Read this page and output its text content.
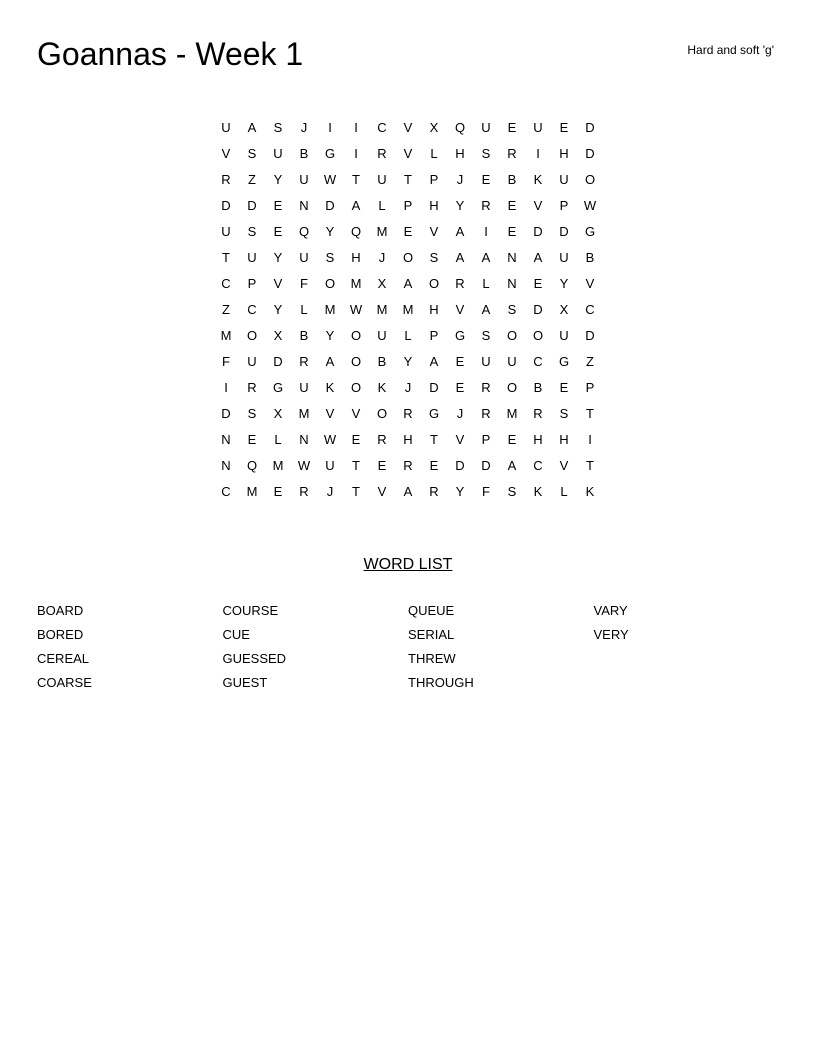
Goannas - Week 1	Hard and soft 'g'
U	A	S	J	I	I	C	V	X	Q	U	E	U	E	D
V	S	U	B	G	I	R	V	L	H	S	R	I	H	D
R	Z	Y	U	W	T	U	T	P	J	E	B	K	U	O
D	D	E	N	D	A	L	P	H	Y	R	E	V	P	W
U	S	E	Q	Y	Q	M	E	V	A	I	E	D	D	G
T	U	Y	U	S	H	J	O	S	A	A	N	A	U	B
C	P	V	F	O	M	X	A	O	R	L	N	E	Y	V
Z	C	Y	L	M	W	M	M	H	V	A	S	D	X	C
M	O	X	B	Y	O	U	L	P	G	S	O	O	U	D
F	U	D	R	A	O	B	Y	A	E	U	U	C	G	Z
I	R	G	U	K	O	K	J	D	E	R	O	B	E	P
D	S	X	M	V	V	O	R	G	J	R	M	R	S	T
N	E	L	N	W	E	R	H	T	V	P	E	H	H	I
N	Q	M	W	U	T	E	R	E	D	D	A	C	V	T
C	M	E	R	J	T	V	A	R	Y	F	S	K	L	K
WORD LIST
BOARD
BORED
CEREAL
COARSE
COURSE
CUE
GUESSED
GUEST
QUEUE
SERIAL
THREW
THROUGH
VARY
VERY
